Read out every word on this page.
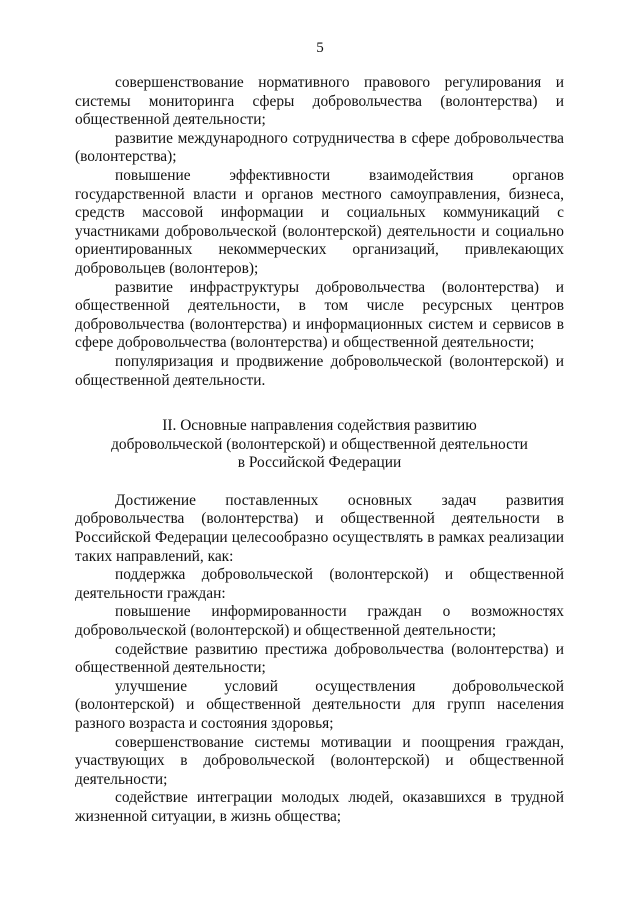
5

совершенствование нормативного правового регулирования и системы мониторинга сферы добровольчества (волонтерства) и общественной деятельности;

развитие международного сотрудничества в сфере добровольчества (волонтерства);

повышение эффективности взаимодействия органов государственной власти и органов местного самоуправления, бизнеса, средств массовой информации и социальных коммуникаций с участниками добровольческой (волонтерской) деятельности и социально ориентированных некоммерческих организаций, привлекающих добровольцев (волонтеров);

развитие инфраструктуры добровольчества (волонтерства) и общественной деятельности, в том числе ресурсных центров добровольчества (волонтерства) и информационных систем и сервисов в сфере добровольчества (волонтерства) и общественной деятельности;

популяризация и продвижение добровольческой (волонтерской) и общественной деятельности.

II. Основные направления содействия развитию
добровольческой (волонтерской) и общественной деятельности
в Российской Федерации

Достижение поставленных основных задач развития добровольчества (волонтерства) и общественной деятельности в Российской Федерации целесообразно осуществлять в рамках реализации таких направлений, как:

поддержка добровольческой (волонтерской) и общественной деятельности граждан:

повышение информированности граждан о возможностях добровольческой (волонтерской) и общественной деятельности;

содействие развитию престижа добровольчества (волонтерства) и общественной деятельности;

улучшение условий осуществления добровольческой (волонтерской) и общественной деятельности для групп населения разного возраста и состояния здоровья;

совершенствование системы мотивации и поощрения граждан, участвующих в добровольческой (волонтерской) и общественной деятельности;

содействие интеграции молодых людей, оказавшихся в трудной жизненной ситуации, в жизнь общества;
